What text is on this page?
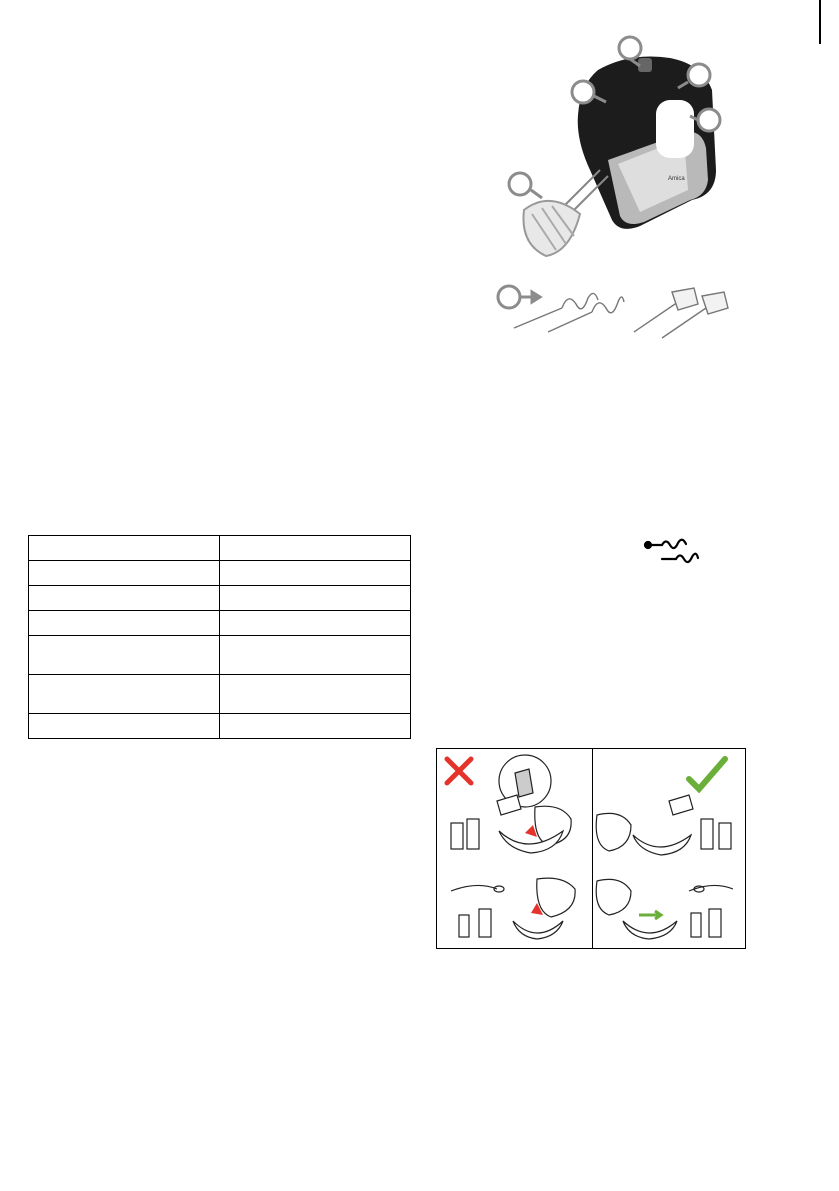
Amica
